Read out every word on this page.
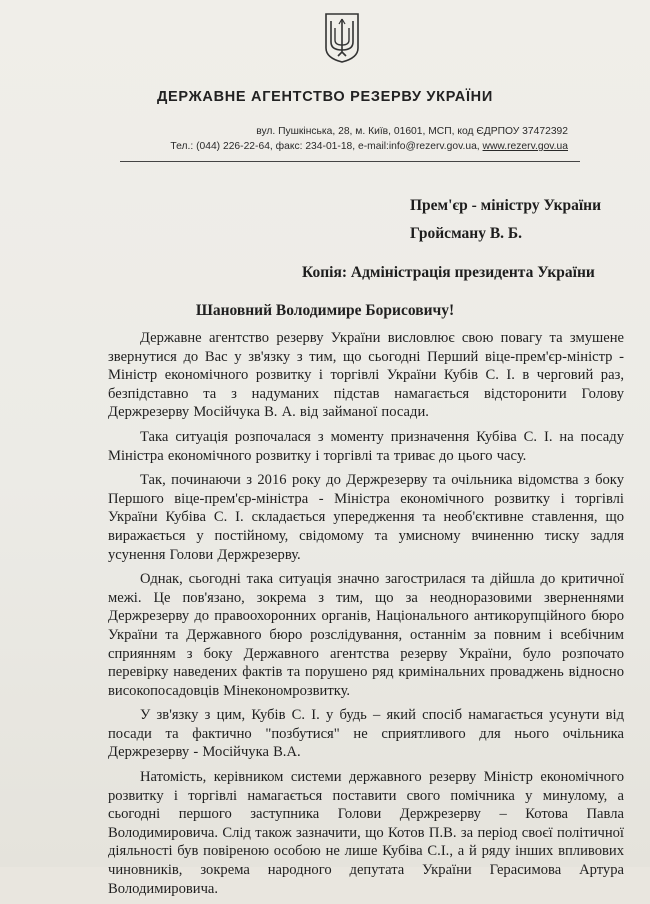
ДЕРЖАВНЕ АГЕНТСТВО РЕЗЕРВУ УКРАЇНИ
вул. Пушкінська, 28, м. Київ, 01601, МСП, код ЄДРПОУ 37472392
Тел.: (044) 226-22-64, факс: 234-01-18, e-mail:info@rezerv.gov.ua, www.rezerv.gov.ua
Прем'єр - міністру України
Гройсману В. Б.
Копія: Адміністрація президента України
Шановний Володимире Борисовичу!

Державне агентство резерву України висловлює свою повагу та змушене звернутися до Вас у зв'язку з тим, що сьогодні Перший віце-прем'єр-міністр - Міністр економічного розвитку і торгівлі України Кубів С. І. в черговий раз, безпідставно та з надуманих підстав намагається відсторонити Голову Держрезерву Мосійчука В. А. від займаної посади.

Така ситуація розпочалася з моменту призначення Кубіва С. І. на посаду Міністра економічного розвитку і торгівлі та триває до цього часу.

Так, починаючи з 2016 року до Держрезерву та очільника відомства з боку Першого віце-прем'єр-міністра - Міністра економічного розвитку і торгівлі України Кубіва С. І. складається упередження та необ'єктивне ставлення, що виражається у постійному, свідомому та умисному вчиненню тиску задля усунення Голови Держрезерву.

Однак, сьогодні така ситуація значно загострилася та дійшла до критичної межі. Це пов'язано, зокрема з тим, що за неодноразовими зверненнями Держрезерву до правоохоронних органів, Національного антикорупційного бюро України та Державного бюро розслідування, останнім за повним і всебічним сприянням з боку Державного агентства резерву України, було розпочато перевірку наведених фактів та порушено ряд кримінальних проваджень відносно високопосадовців Мінекономрозвитку.

У зв'язку з цим, Кубів С. І. у будь – який спосіб намагається усунути від посади та фактично "позбутися" не сприятливого для нього очільника Держрезерву - Мосійчука В.А.

Натомість, керівником системи державного резерву Міністр економічного розвитку і торгівлі намагається поставити свого помічника у минулому, а сьогодні першого заступника Голови Держрезерву – Котова Павла Володимировича. Слід також зазначити, що Котов П.В. за період своєї політичної діяльності був повіреною особою не лише Кубіва С.І., а й ряду інших впливових чиновників, зокрема народного депутата України Герасимова Артура Володимировича.
